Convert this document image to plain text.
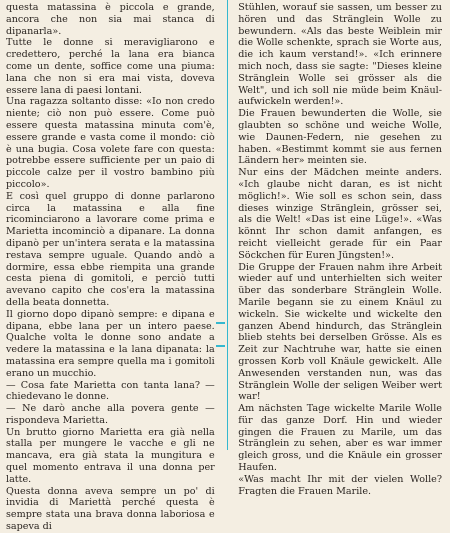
questa matassina è piccola e grande, ancora che non sia mai stanca di dipanarla».

Tutte le donne si meravigliarono e credettero, perché la lana era bianca come un dente, soffice come una piuma: lana che non si era mai vista, doveva essere lana di paesi lontani.

Una ragazza soltanto disse: «Io non credo niente; ciò non può essere. Come può essere questa matassina minuta com'è, essere grande e vasta come il mondo: ciò è una bugia. Cosa volete fare con questa: potrebbe essere sufficiente per un paio di piccole calze per il vostro bambino più piccolo».

E così quel gruppo di donne parlarono circa la matassina e alla fine ricominciarono a lavorare come prima e Marietta incominciò a dipanare. La donna dipanò per un'intera serata e la matassina restava sempre uguale. Quando andò a dormire, essa ebbe riempita una grande cesta piena di gomitoli, e perciò tutti avevano capito che cos'era la matassina della beata donnetta.

Il giorno dopo dipanò sempre: e dipana e dipana, ebbe lana per un intero paese. Qualche volta le donne sono andate a vedere la matassina e la lana dipanata: la matassina era sempre quella ma i gomitoli erano un mucchio.

— Cosa fate Marietta con tanta lana? — chiedevano le donne.

— Ne darò anche alla povera gente — rispondeva Marietta.

Un brutto giorno Marietta era già nella stalla per mungere le vacche e gli ne mancava, era già stata la mungitura e quel momento entrava il una donna per latte.

Questa donna aveva sempre un po' di invidia di Mariettà perché questa è sempre stata una brava donna laboriosa e sapeva di

Stühlen, worauf sie sassen, um besser zu hören und das Stränglein Wolle zu bewundern. «Als das beste Weiblein mir die Wolle schenkte, sprach sie Worte aus, die ich kaum verstand!». «Ich erinnere mich noch, dass sie sagte: "Dieses kleine Stränglein Wolle sei grösser als die Welt", und ich soll nie müde beim Knäul-aufwickeln werden!».

Die Frauen bewunderten die Wolle, sie glaubten so schöne und weiche Wolle, wie Daunen-Federn, nie gesehen zu haben. «Bestimmt kommt sie aus fernen Ländern her» meinten sie.

Nur eins der Mädchen meinte anders. «Ich glaube nicht daran, es ist nicht möglich!». Wie soll es schon sein, dass dieses winzige Stränglein, grösser sei, als die Welt! «Das ist eine Lüge!». «Was könnt Ihr schon damit anfangen, es reicht vielleicht gerade für ein Paar Söckchen für Euren Jüngsten!».

Die Gruppe der Frauen nahm ihre Arbeit wieder auf und unterhielten sich weiter über das sonderbare Stränglein Wolle. Marile begann sie zu einem Knäul zu wickeln. Sie wickelte und wickelte den ganzen Abend hindurch, das Stränglein blieb stehts bei derselben Grösse. Als es Zeit zur Nachtruhe war, hatte sie einen grossen Korb voll Knäule gewickelt. Alle Anwesenden verstanden nun, was das Stränglein Wolle der seligen Weiber wert war!

Am nächsten Tage wickelte Marile Wolle für das ganze Dorf. Hin und wieder gingen die Frauen zu Marile, um das Stränglein zu sehen, aber es war immer gleich gross, und die Knäule ein grosser Haufen.

«Was macht Ihr mit der vielen Wolle? Fragten die Frauen Marile.
